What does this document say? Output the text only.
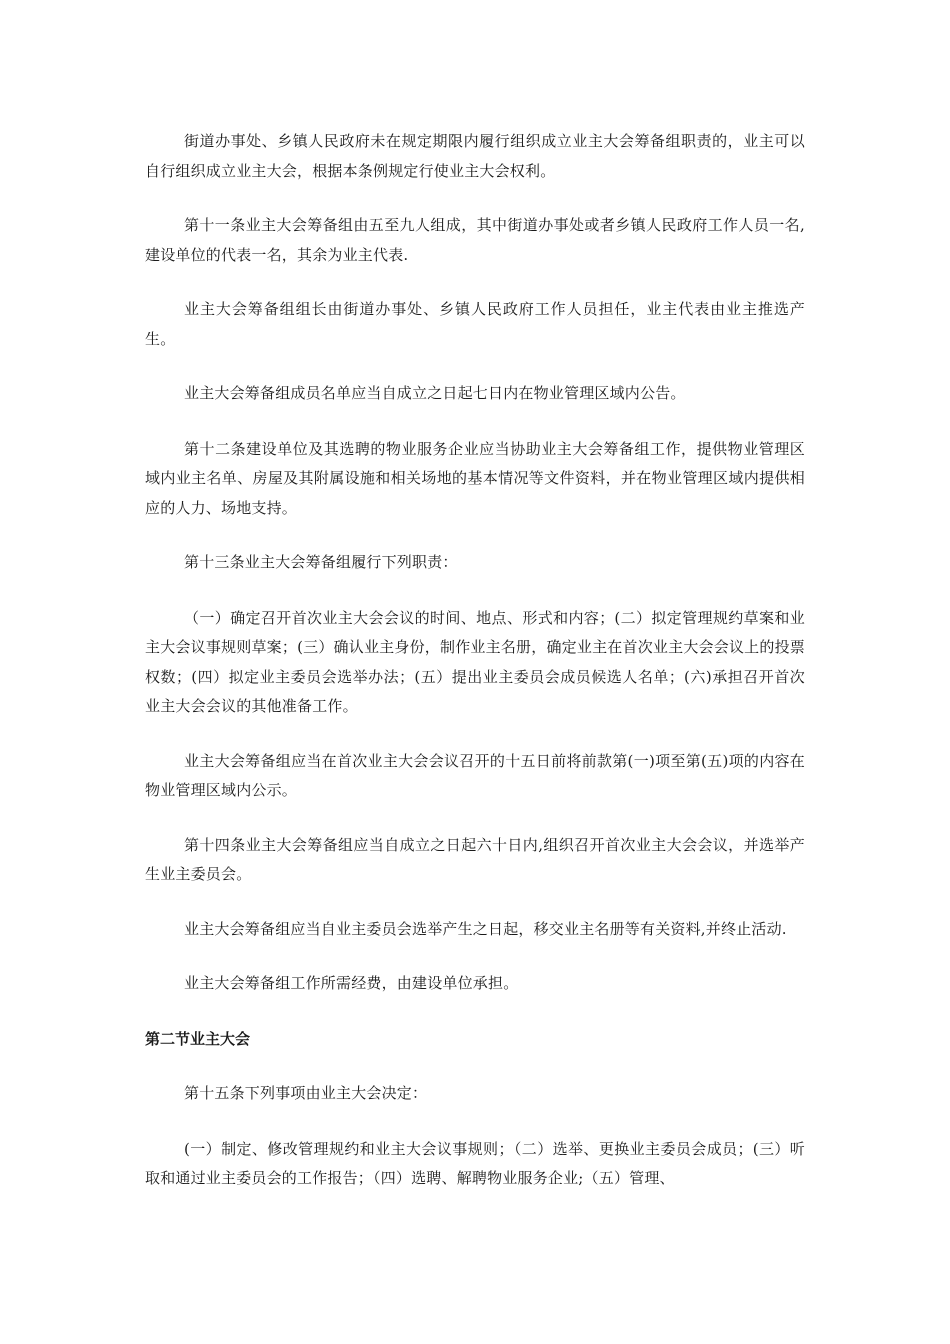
街道办事处、乡镇人民政府未在规定期限内履行组织成立业主大会筹备组职责的，业主可以自行组织成立业主大会，根据本条例规定行使业主大会权利。

第十一条业主大会筹备组由五至九人组成，其中街道办事处或者乡镇人民政府工作人员一名,建设单位的代表一名，其余为业主代表.

业主大会筹备组组长由街道办事处、乡镇人民政府工作人员担任，业主代表由业主推选产生。

业主大会筹备组成员名单应当自成立之日起七日内在物业管理区域内公告。

第十二条建设单位及其选聘的物业服务企业应当协助业主大会筹备组工作，提供物业管理区域内业主名单、房屋及其附属设施和相关场地的基本情况等文件资料，并在物业管理区域内提供相应的人力、场地支持。

第十三条业主大会筹备组履行下列职责：

（一）确定召开首次业主大会会议的时间、地点、形式和内容；(二）拟定管理规约草案和业主大会议事规则草案；(三）确认业主身份，制作业主名册，确定业主在首次业主大会会议上的投票权数；(四）拟定业主委员会选举办法；(五）提出业主委员会成员候选人名单；(六)承担召开首次业主大会会议的其他准备工作。

业主大会筹备组应当在首次业主大会会议召开的十五日前将前款第(一)项至第(五)项的内容在物业管理区域内公示。

第十四条业主大会筹备组应当自成立之日起六十日内,组织召开首次业主大会会议，并选举产生业主委员会。

业主大会筹备组应当自业主委员会选举产生之日起，移交业主名册等有关资料,并终止活动.

业主大会筹备组工作所需经费，由建设单位承担。

第二节业主大会

第十五条下列事项由业主大会决定：

(一）制定、修改管理规约和业主大会议事规则；（二）选举、更换业主委员会成员；(三）听取和通过业主委员会的工作报告；（四）选聘、解聘物业服务企业;（五）管理、
